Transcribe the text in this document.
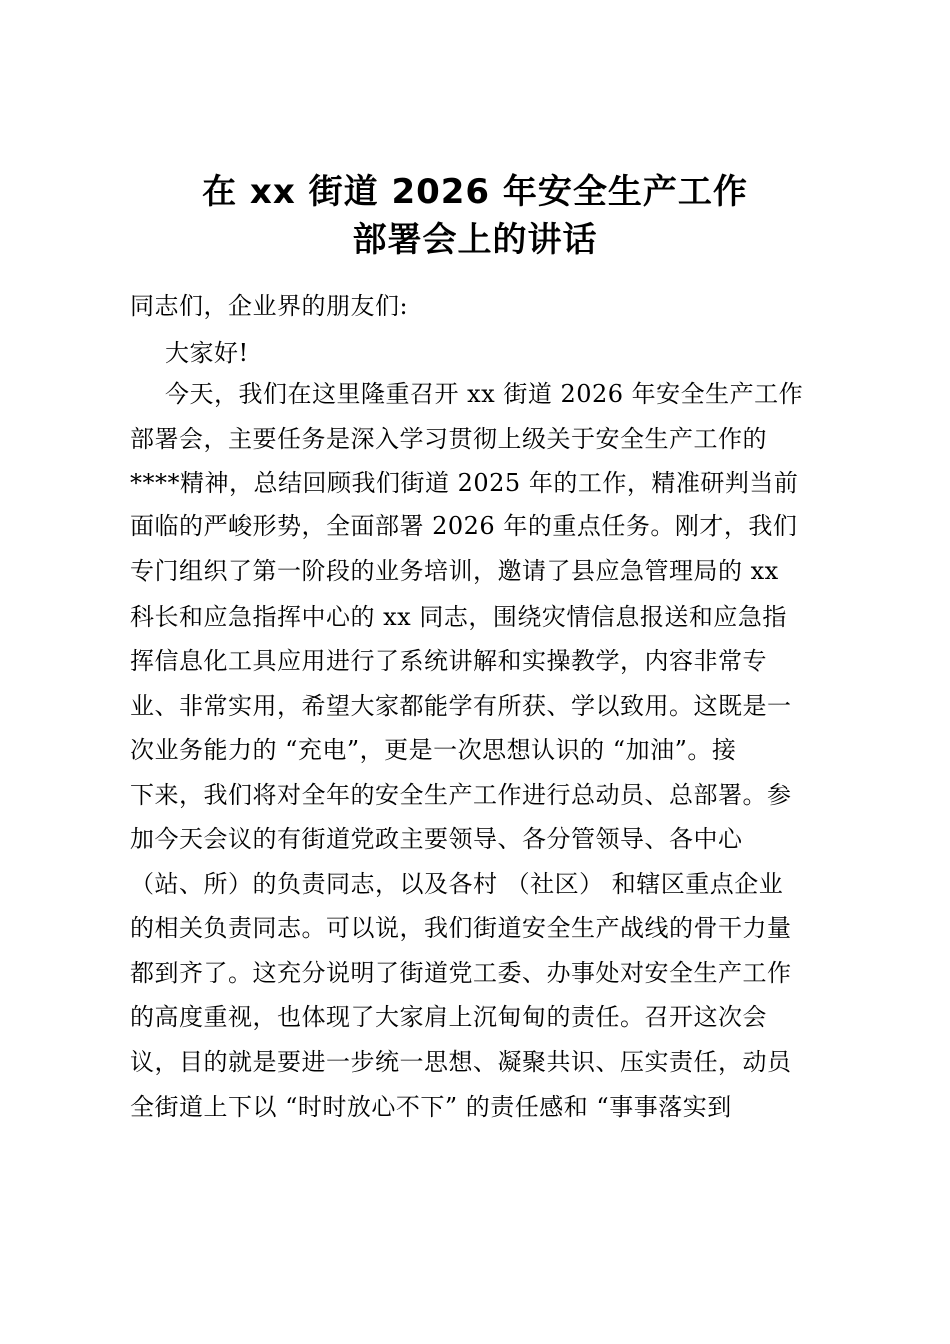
在 xx 街道 2026 年安全生产工作
部署会上的讲话
同志们，企业界的朋友们:
大家好!
今天，我们在这里隆重召开 xx 街道 2026 年安全生产工作
部署会，主要任务是深入学习贯彻上级关于安全生产工作的
****精神，总结回顾我们街道 2025 年的工作，精准研判当前
面临的严峻形势，全面部署 2026 年的重点任务。刚才，我们
专门组织了第一阶段的业务培训，邀请了县应急管理局的 xx
科长和应急指挥中心的 xx 同志，围绕灾情信息报送和应急指
挥信息化工具应用进行了系统讲解和实操教学，内容非常专
业、非常实用，希望大家都能学有所获、学以致用。这既是一
次业务能力的 “充电”，更是一次思想认识的 “加油”。接
下来，我们将对全年的安全生产工作进行总动员、总部署。参
加今天会议的有街道党政主要领导、各分管领导、各中心
（站、所）的负责同志，以及各村 （社区） 和辖区重点企业
的相关负责同志。可以说，我们街道安全生产战线的骨干力量
都到齐了。这充分说明了街道党工委、办事处对安全生产工作
的高度重视，也体现了大家肩上沉甸甸的责任。召开这次会
议，目的就是要进一步统一思想、凝聚共识、压实责任，动员
全街道上下以 “时时放心不下” 的责任感和 “事事落实到
